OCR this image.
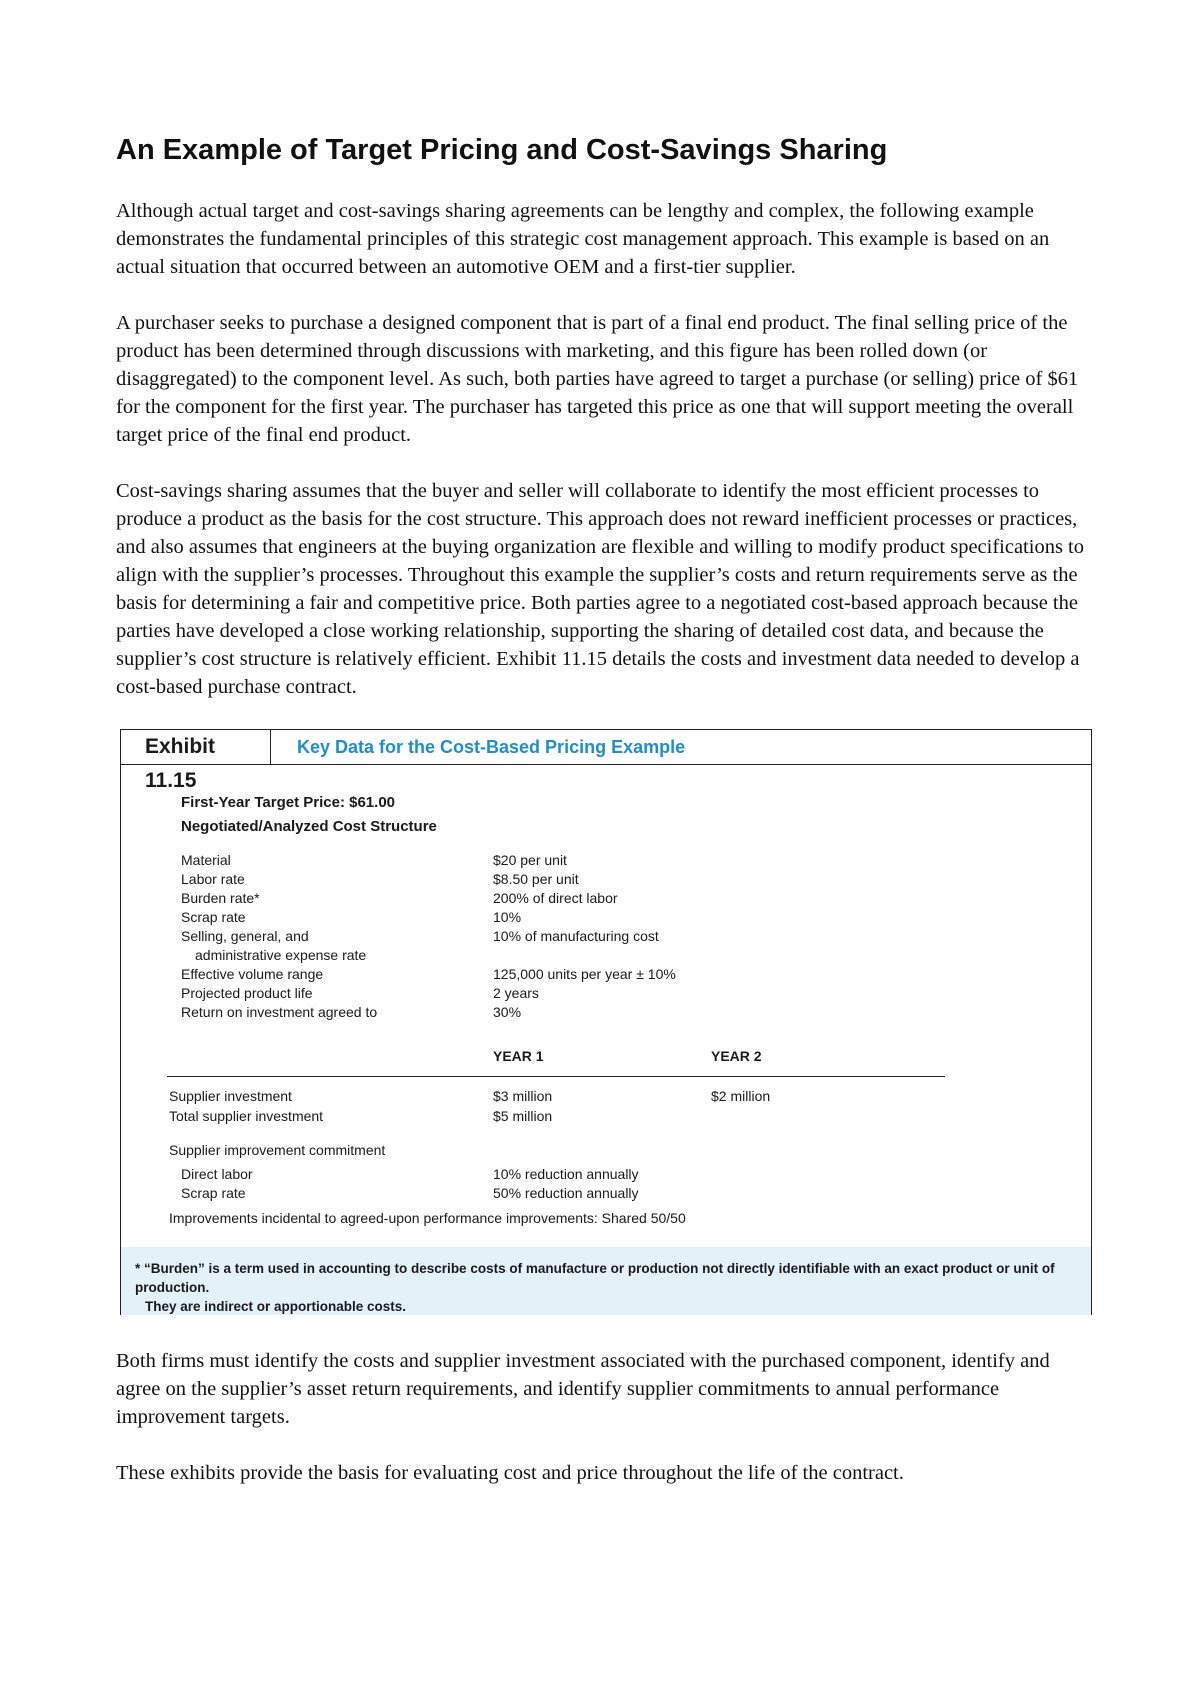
An Example of Target Pricing and Cost-Savings Sharing

Although actual target and cost-savings sharing agreements can be lengthy and complex, the following example demonstrates the fundamental principles of this strategic cost management approach. This example is based on an actual situation that occurred between an automotive OEM and a first-tier supplier.

A purchaser seeks to purchase a designed component that is part of a final end product. The final selling price of the product has been determined through discussions with marketing, and this figure has been rolled down (or disaggregated) to the component level. As such, both parties have agreed to target a purchase (or selling) price of $61 for the component for the first year. The purchaser has targeted this price as one that will support meeting the overall target price of the final end product.

Cost-savings sharing assumes that the buyer and seller will collaborate to identify the most efficient processes to produce a product as the basis for the cost structure. This approach does not reward inefficient processes or practices, and also assumes that engineers at the buying organization are flexible and willing to modify product specifications to align with the supplier’s processes. Throughout this example the supplier’s costs and return requirements serve as the basis for determining a fair and competitive price. Both parties agree to a negotiated cost-based approach because the parties have developed a close working relationship, supporting the sharing of detailed cost data, and because the supplier’s cost structure is relatively efficient. Exhibit 11.15 details the costs and investment data needed to develop a cost-based purchase contract.

Exhibit 11.15
Key Data for the Cost-Based Pricing Example
First-Year Target Price: $61.00
Negotiated/Analyzed Cost Structure
Material	$20 per unit
Labor rate	$8.50 per unit
Burden rate*	200% of direct labor
Scrap rate	10%
Selling, general, and	10% of manufacturing cost
administrative expense rate
Effective volume range	125,000 units per year ± 10%
Projected product life	2 years
Return on investment agreed to	30%
YEAR 1	YEAR 2
Supplier investment	$3 million	$2 million
Total supplier investment	$5 million
Supplier improvement commitment
Direct labor	10% reduction annually
Scrap rate	50% reduction annually
Improvements incidental to agreed-upon performance improvements: Shared 50/50
* “Burden” is a term used in accounting to describe costs of manufacture or production not directly identifiable with an exact product or unit of production.
They are indirect or apportionable costs.

Both firms must identify the costs and supplier investment associated with the purchased component, identify and agree on the supplier’s asset return requirements, and identify supplier commitments to annual performance improvement targets.

These exhibits provide the basis for evaluating cost and price throughout the life of the contract.
